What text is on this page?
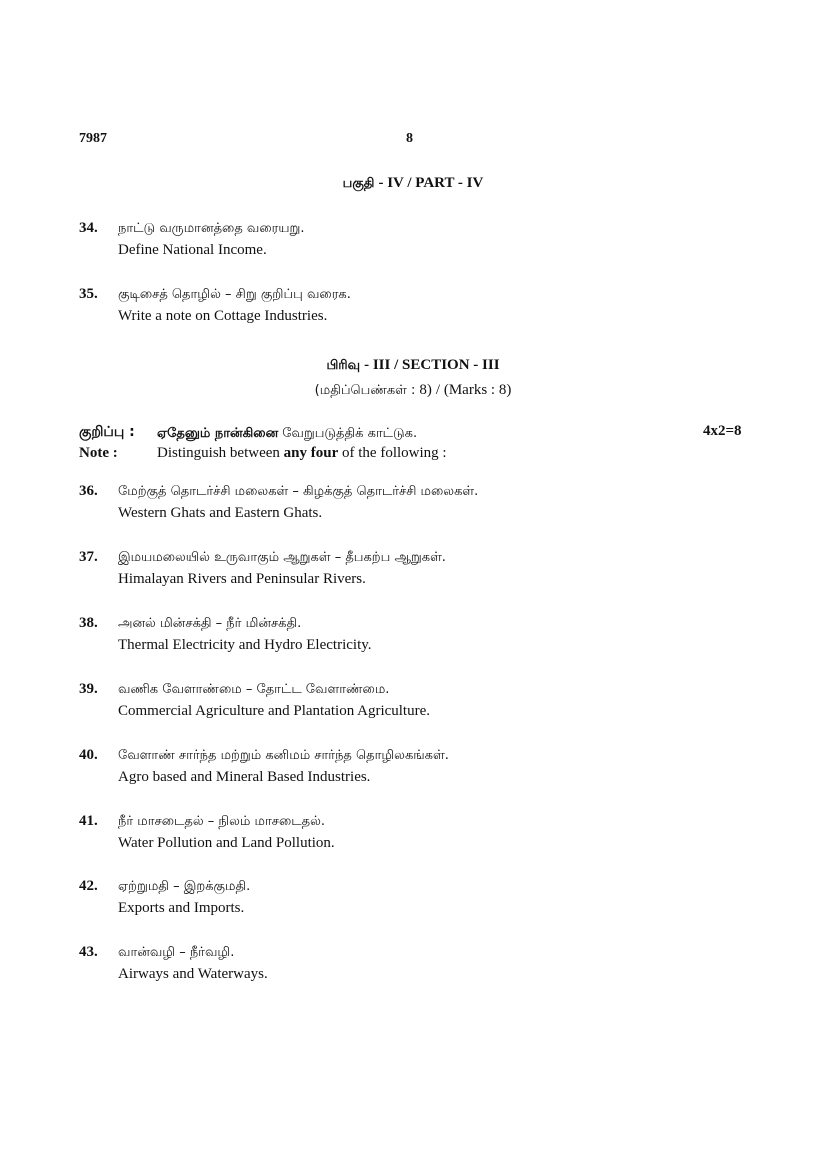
7987	8
பகுதி - IV / PART - IV
34.	நாட்டு வருமானத்தை வரையறு.
Define National Income.
35.	குடிசைத் தொழில் – சிறு குறிப்பு வரைக.
Write a note on Cottage Industries.
பிரிவு - III / SECTION - III
(மதிப்பெண்கள் : 8) / (Marks : 8)
குறிப்பு : ஏதேனும் நான்கினை வேறுபடுத்திக் காட்டுக.	4x2=8
Note :	Distinguish between any four of the following :
36.	மேற்குத் தொடர்ச்சி மலைகள் – கிழக்குத் தொடர்ச்சி மலைகள்.
Western Ghats and Eastern Ghats.
37.	இமயமலையில் உருவாகும் ஆறுகள் – தீபகற்ப ஆறுகள்.
Himalayan Rivers and Peninsular Rivers.
38.	அனல் மின்சக்தி – நீர் மின்சக்தி.
Thermal Electricity and Hydro Electricity.
39.	வணிக வேளாண்மை – தோட்ட வேளாண்மை.
Commercial Agriculture and Plantation Agriculture.
40.	வேளாண் சார்ந்த மற்றும் கனிமம் சார்ந்த தொழிலகங்கள்.
Agro based and Mineral Based Industries.
41.	நீர் மாசடைதல் – நிலம் மாசடைதல்.
Water Pollution and Land Pollution.
42.	ஏற்றுமதி – இறக்குமதி.
Exports and Imports.
43.	வான்வழி – நீர்வழி.
Airways and Waterways.
